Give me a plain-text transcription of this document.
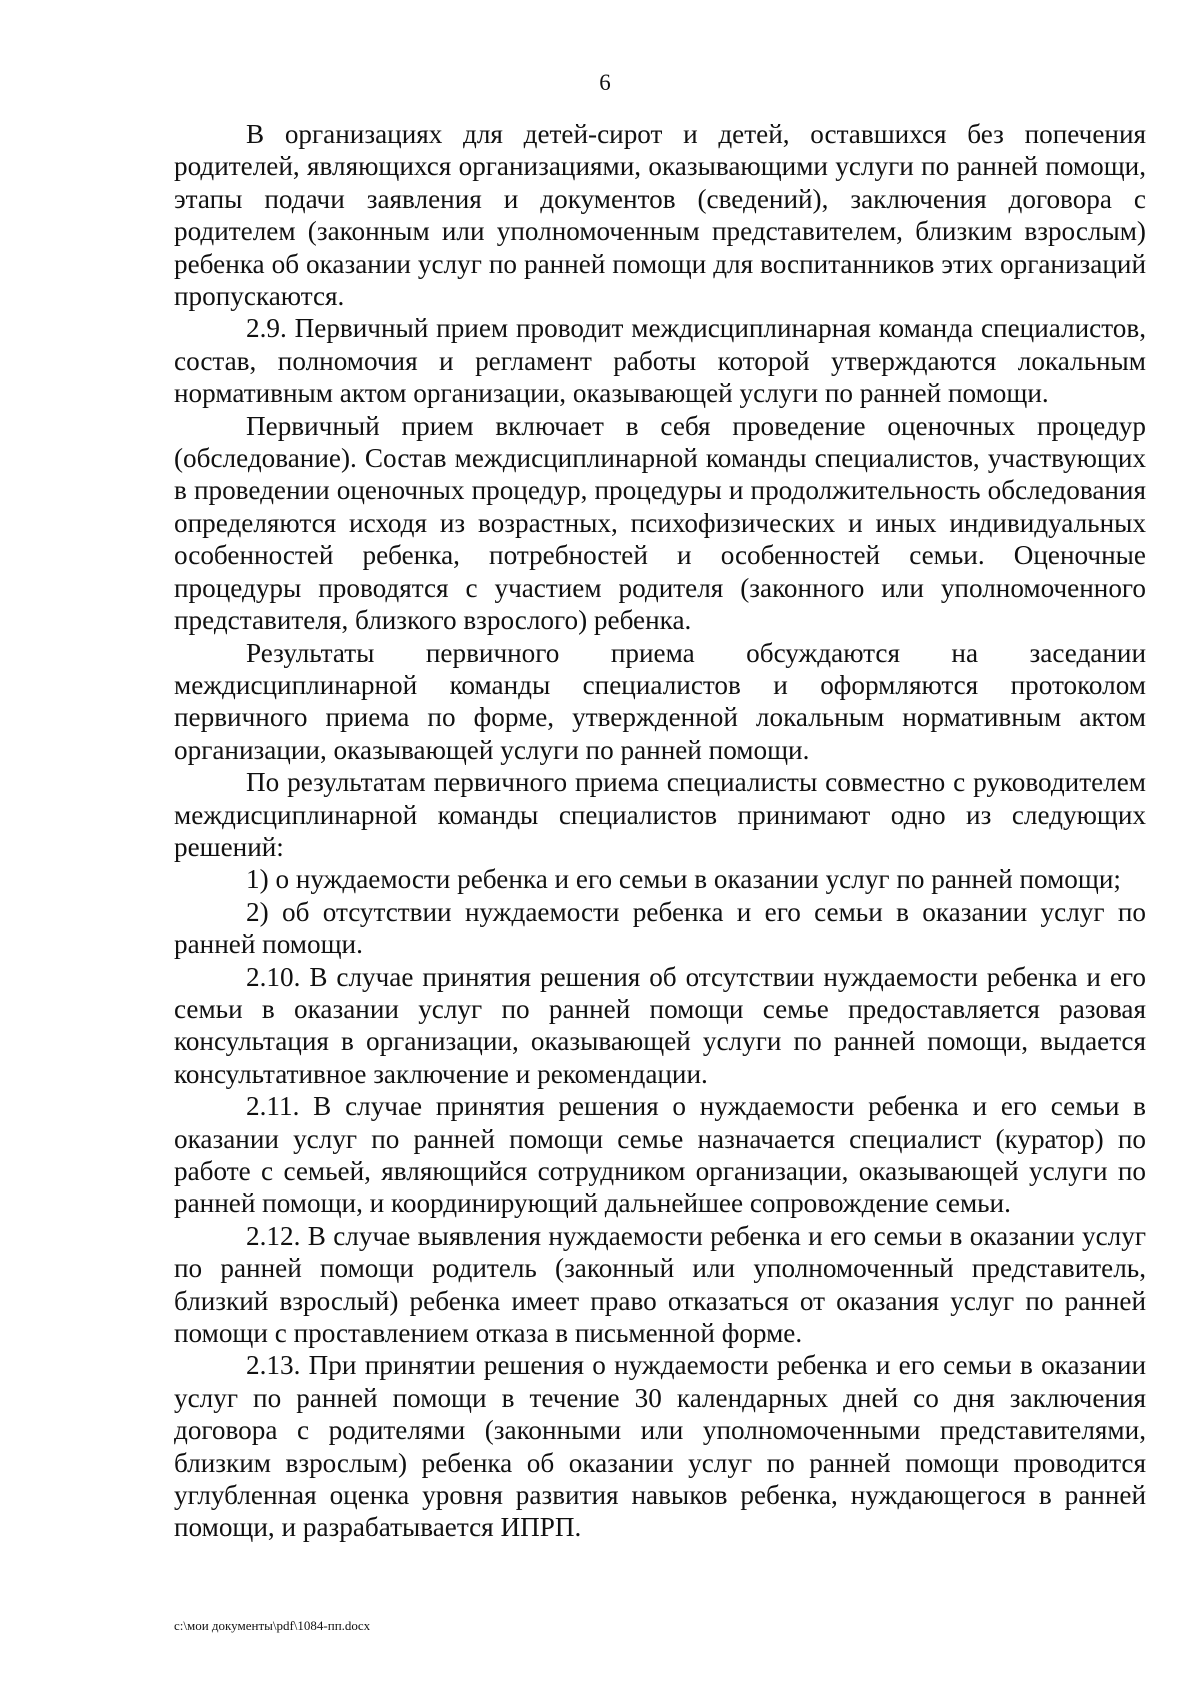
6

В организациях для детей-сирот и детей, оставшихся без попечения родителей, являющихся организациями, оказывающими услуги по ранней помощи, этапы подачи заявления и документов (сведений), заключения договора с родителем (законным или уполномоченным представителем, близким взрослым) ребенка об оказании услуг по ранней помощи для воспитанников этих организаций пропускаются.

2.9. Первичный прием проводит междисциплинарная команда специалистов, состав, полномочия и регламент работы которой утверждаются локальным нормативным актом организации, оказывающей услуги по ранней помощи.

Первичный прием включает в себя проведение оценочных процедур (обследование). Состав междисциплинарной команды специалистов, участвующих в проведении оценочных процедур, процедуры и продолжительность обследования определяются исходя из возрастных, психофизических и иных индивидуальных особенностей ребенка, потребностей и особенностей семьи. Оценочные процедуры проводятся с участием родителя (законного или уполномоченного представителя, близкого взрослого) ребенка.

Результаты первичного приема обсуждаются на заседании междисциплинарной команды специалистов и оформляются протоколом первичного приема по форме, утвержденной локальным нормативным актом организации, оказывающей услуги по ранней помощи.

По результатам первичного приема специалисты совместно с руководителем междисциплинарной команды специалистов принимают одно из следующих решений:

1) о нуждаемости ребенка и его семьи в оказании услуг по ранней помощи;

2) об отсутствии нуждаемости ребенка и его семьи в оказании услуг по ранней помощи.

2.10. В случае принятия решения об отсутствии нуждаемости ребенка и его семьи в оказании услуг по ранней помощи семье предоставляется разовая консультация в организации, оказывающей услуги по ранней помощи, выдается консультативное заключение и рекомендации.

2.11. В случае принятия решения о нуждаемости ребенка и его семьи в оказании услуг по ранней помощи семье назначается специалист (куратор) по работе с семьей, являющийся сотрудником организации, оказывающей услуги по ранней помощи, и координирующий дальнейшее сопровождение семьи.

2.12. В случае выявления нуждаемости ребенка и его семьи в оказании услуг по ранней помощи родитель (законный или уполномоченный представитель, близкий взрослый) ребенка имеет право отказаться от оказания услуг по ранней помощи с проставлением отказа в письменной форме.

2.13. При принятии решения о нуждаемости ребенка и его семьи в оказании услуг по ранней помощи в течение 30 календарных дней со дня заключения договора с родителями (законными или уполномоченными представителями, близким взрослым) ребенка об оказании услуг по ранней помощи проводится углубленная оценка уровня развития навыков ребенка, нуждающегося в ранней помощи, и разрабатывается ИПРП.

c:\мои документы\pdf\1084-пп.docx
